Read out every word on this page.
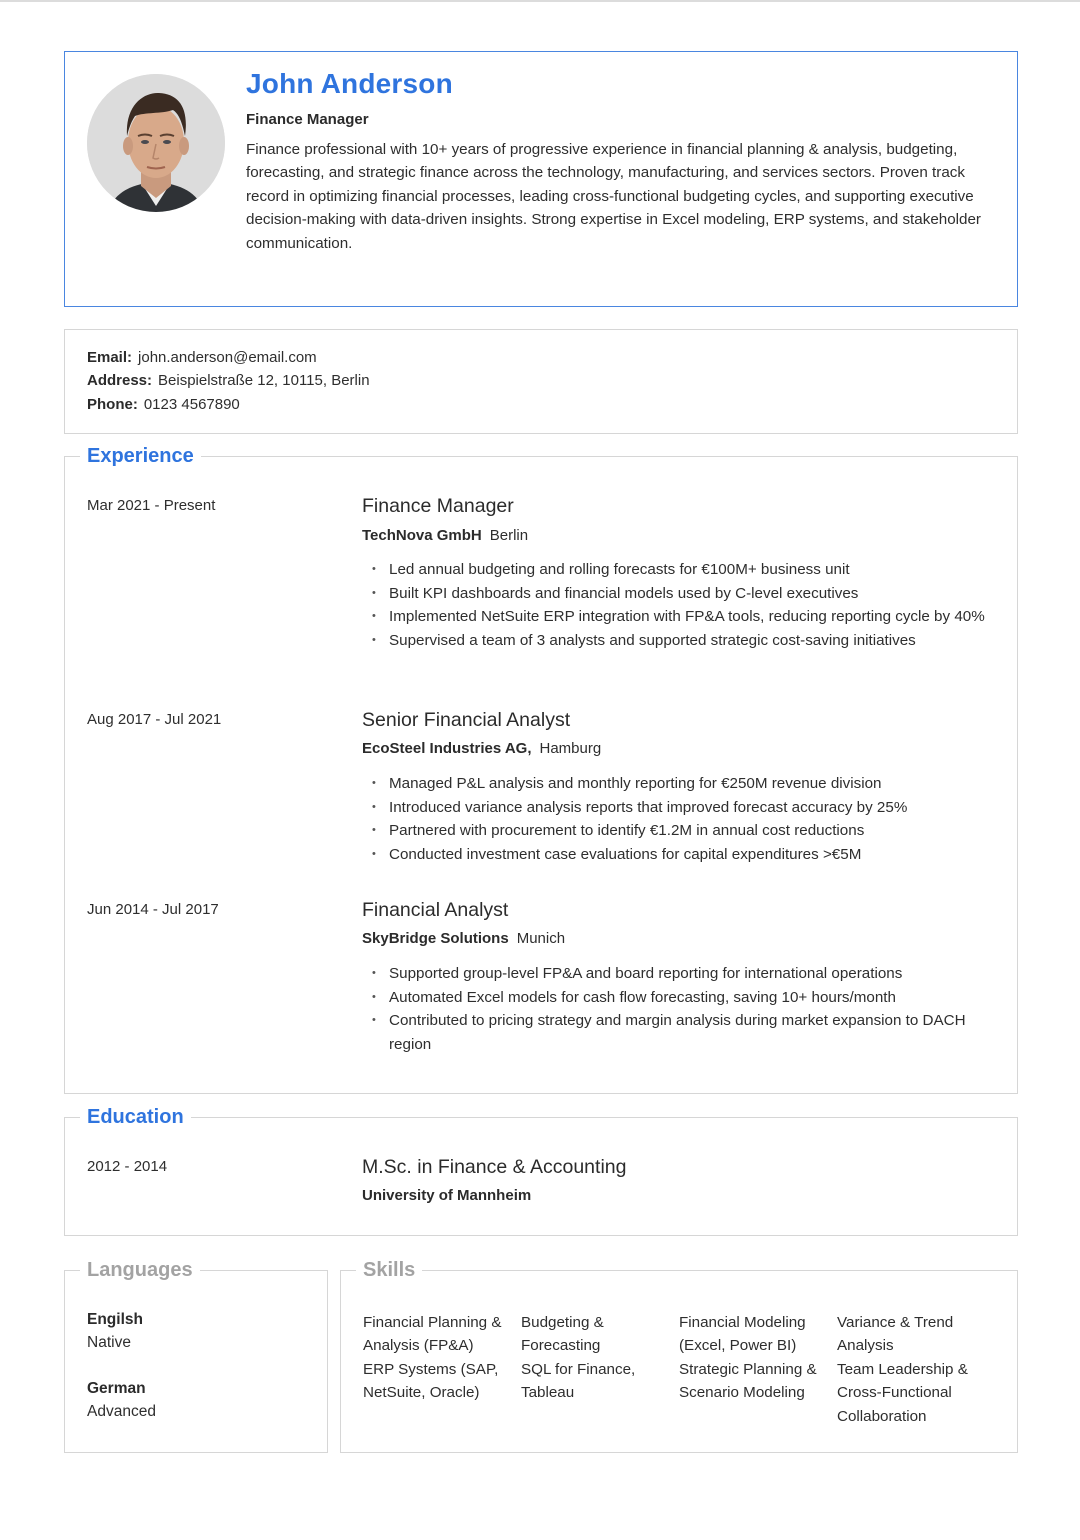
John Anderson
Finance Manager
Finance professional with 10+ years of progressive experience in financial planning & analysis, budgeting, forecasting, and strategic finance across the technology, manufacturing, and services sectors. Proven track record in optimizing financial processes, leading cross-functional budgeting cycles, and supporting executive decision-making with data-driven insights. Strong expertise in Excel modeling, ERP systems, and stakeholder communication.
Email: john.anderson@email.com
Address: Beispielstraße 12, 10115, Berlin
Phone: 0123 4567890
Experience
Mar 2021 - Present	Finance Manager
TechNova GmbH Berlin
• Led annual budgeting and rolling forecasts for €100M+ business unit
• Built KPI dashboards and financial models used by C-level executives
• Implemented NetSuite ERP integration with FP&A tools, reducing reporting cycle by 40%
• Supervised a team of 3 analysts and supported strategic cost-saving initiatives
Aug 2017 - Jul 2021	Senior Financial Analyst
EcoSteel Industries AG, Hamburg
• Managed P&L analysis and monthly reporting for €250M revenue division
• Introduced variance analysis reports that improved forecast accuracy by 25%
• Partnered with procurement to identify €1.2M in annual cost reductions
• Conducted investment case evaluations for capital expenditures >€5M
Jun 2014 - Jul 2017	Financial Analyst
SkyBridge Solutions Munich
• Supported group-level FP&A and board reporting for international operations
• Automated Excel models for cash flow forecasting, saving 10+ hours/month
• Contributed to pricing strategy and margin analysis during market expansion to DACH region
Education
2012 - 2014	M.Sc. in Finance & Accounting
University of Mannheim
Languages
Engilsh
Native
German
Advanced
Skills
Financial Planning & Analysis (FP&A)
ERP Systems (SAP, NetSuite, Oracle)
Budgeting & Forecasting
SQL for Finance, Tableau
Financial Modeling (Excel, Power BI)
Strategic Planning & Scenario Modeling
Variance & Trend Analysis
Team Leadership & Cross-Functional Collaboration
